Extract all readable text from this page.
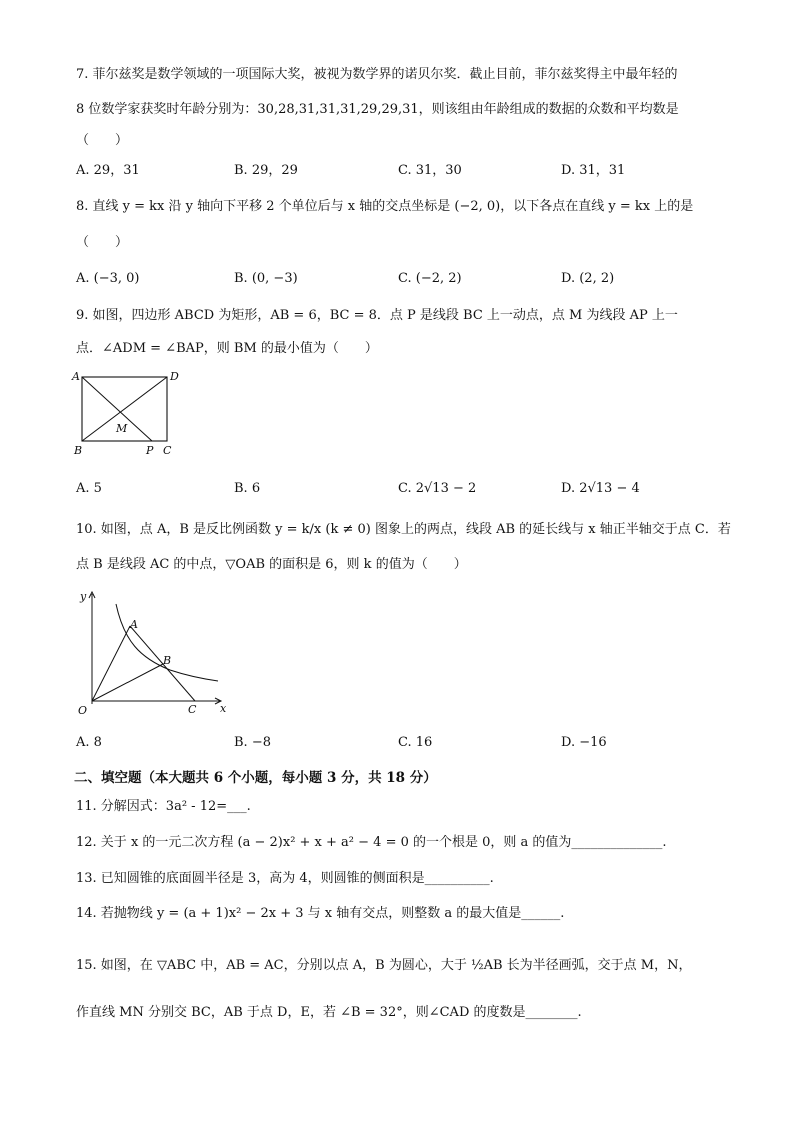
7. 菲尔兹奖是数学领域的一项国际大奖，被视为数学界的诺贝尔奖．截止目前，菲尔兹奖得主中最年轻的
8 位数学家获奖时年龄分别为：30,28,31,31,31,29,29,31，则该组由年龄组成的数据的众数和平均数是
（　　）
A. 29，31	B. 29，29	C. 31，30	D. 31，31
8. 直线 y = kx 沿 y 轴向下平移 2 个单位后与 x 轴的交点坐标是 (−2, 0)，以下各点在直线 y = kx 上的是
（　　）
A. (−3, 0)	B. (0, −3)	C. (−2, 2)	D. (2, 2)
9. 如图，四边形 ABCD 为矩形，AB = 6，BC = 8．点 P 是线段 BC 上一动点，点 M 为线段 AP 上一
点．∠ADM = ∠BAP，则 BM 的最小值为（　　）
A	D
B	P C
M
A. 5	B. 6	C. 2√13 − 2	D. 2√13 − 4
10. 如图，点 A，B 是反比例函数 y = k/x (k ≠ 0) 图象上的两点，线段 AB 的延长线与 x 轴正半轴交于点 C．若
点 B 是线段 AC 的中点，▽OAB 的面积是 6，则 k 的值为（　　）
y
A
B
O	C x
A. 8	B. −8	C. 16	D. −16
二、填空题（本大题共 6 个小题，每小题 3 分，共 18 分）
11. 分解因式：3a² - 12=___.
12. 关于 x 的一元二次方程 (a − 2)x² + x + a² − 4 = 0 的一个根是 0，则 a 的值为______________.
13. 已知圆锥的底面圆半径是 3，高为 4，则圆锥的侧面积是__________.
14. 若抛物线 y = (a + 1)x² − 2x + 3 与 x 轴有交点，则整数 a 的最大值是______.
15. 如图，在 ▽ABC 中，AB = AC，分别以点 A，B 为圆心，大于 ½AB 长为半径画弧，交于点 M，N，
作直线 MN 分别交 BC，AB 于点 D，E，若 ∠B = 32°，则∠CAD 的度数是________.
